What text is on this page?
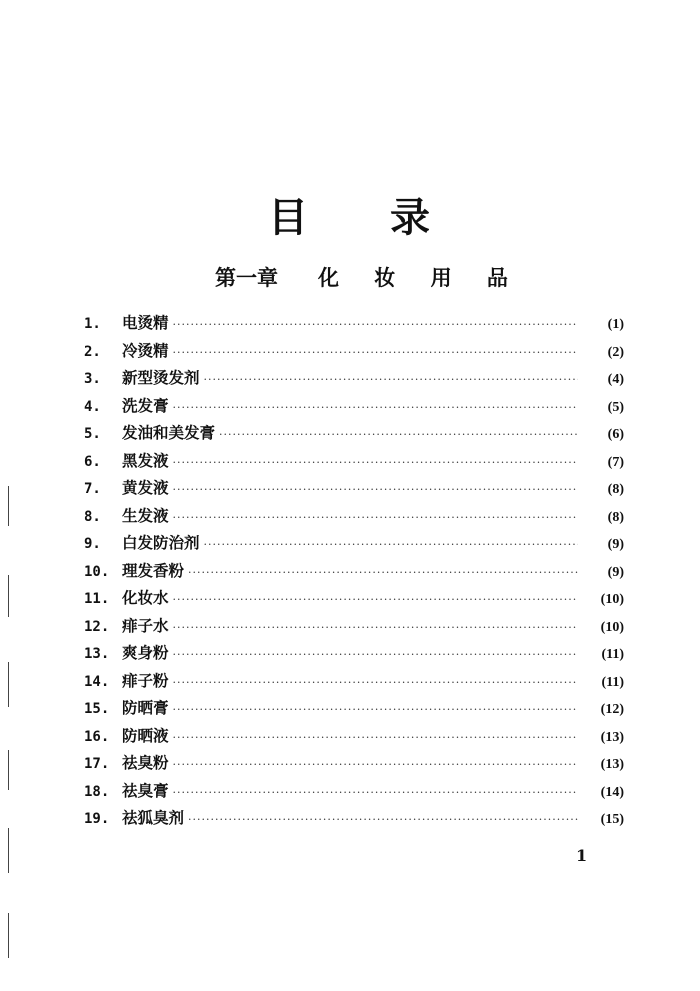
目 录
第一章 化 妆 用 品
1.	电烫精 ·····	(1)
2.	冷烫精 ·····	(2)
3.	新型烫发剂 ·····	(4)
4.	洗发膏 ·····	(5)
5.	发油和美发膏 ·····	(6)
6.	黑发液 ·····	(7)
7.	黄发液 ·····	(8)
8.	生发液 ·····	(8)
9.	白发防治剂 ·····	(9)
10. 理发香粉 ·····	(9)
11. 化妆水 ·····	(10)
12. 痱子水 ·····	(10)
13. 爽身粉 ·····	(11)
14. 痱子粉 ·····	(11)
15. 防晒膏 ·····	(12)
16. 防晒液 ·····	(13)
17. 祛臭粉 ·····	(13)
18. 祛臭膏 ·····	(14)
19. 祛狐臭剂 ·····	(15)
1
